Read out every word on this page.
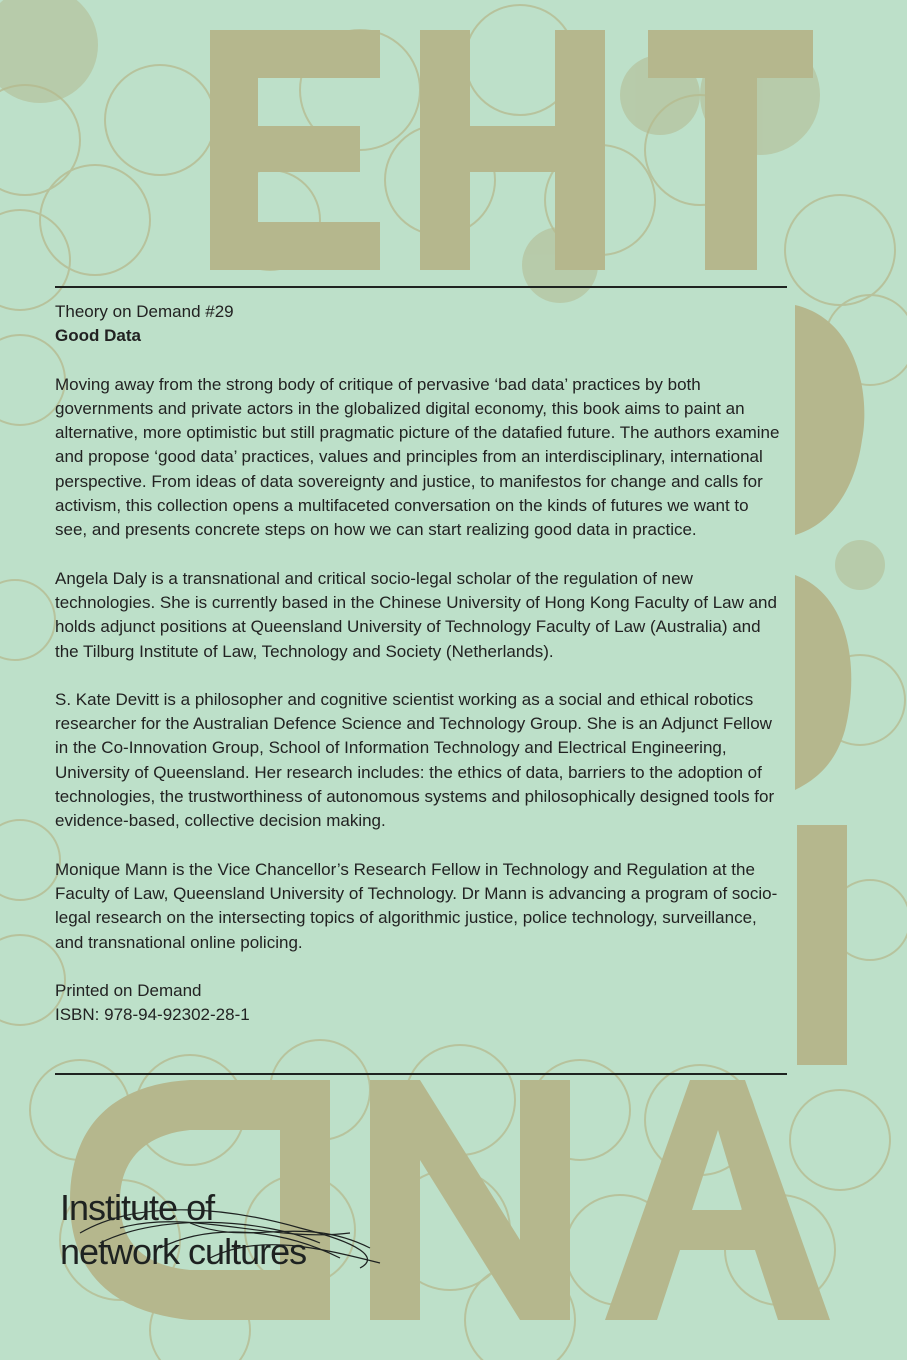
Theory on Demand #29
Good Data

Moving away from the strong body of critique of pervasive ‘bad data’ practices by both governments and private actors in the globalized digital economy, this book aims to paint an alternative, more optimistic but still pragmatic picture of the datafied future. The authors examine and propose ‘good data’ practices, values and principles from an interdisciplinary, international perspective. From ideas of data sovereignty and justice, to manifestos for change and calls for activism, this collection opens a multifaceted conversation on the kinds of futures we want to see, and presents concrete steps on how we can start realizing good data in practice.

Angela Daly is a transnational and critical socio-legal scholar of the regulation of new technologies. She is currently based in the Chinese University of Hong Kong Faculty of Law and holds adjunct positions at Queensland University of Technology Faculty of Law (Australia) and the Tilburg Institute of Law, Technology and Society (Netherlands).

S. Kate Devitt is a philosopher and cognitive scientist working as a social and ethical robotics researcher for the Australian Defence Science and Technology Group. She is an Adjunct Fellow in the Co-Innovation Group, School of Information Technology and Electrical Engineering, University of Queensland. Her research includes: the ethics of data, barriers to the adoption of technologies, the trustworthiness of autonomous systems and philosophically designed tools for evidence-based, collective decision making.

Monique Mann is the Vice Chancellor’s Research Fellow in Technology and Regulation at the Faculty of Law, Queensland University of Technology. Dr Mann is advancing a program of socio- legal research on the intersecting topics of algorithmic justice, police technology, surveillance, and transnational online policing.

Printed on Demand
ISBN: 978-94-92302-28-1

Institute of
network cultures
